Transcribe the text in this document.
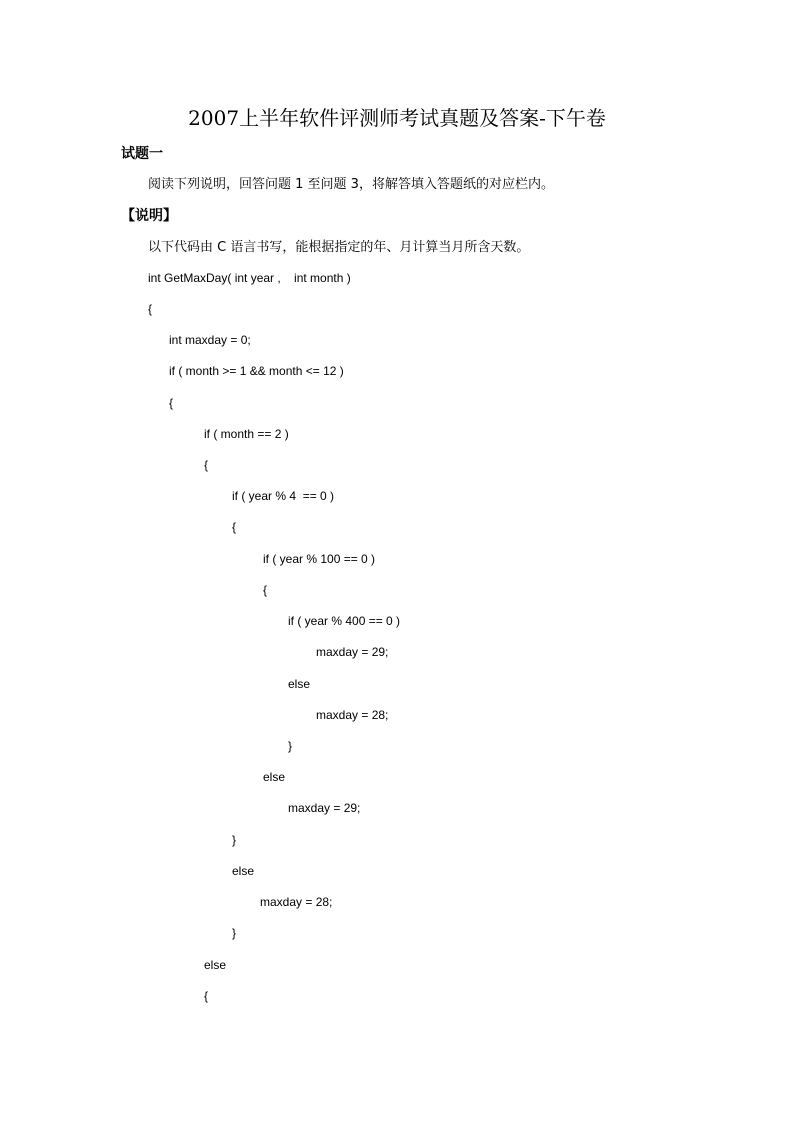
2007上半年软件评测师考试真题及答案-下午卷
试题一
阅读下列说明，回答问题 1 至问题 3，将解答填入答题纸的对应栏内。
【说明】
以下代码由 C 语言书写，能根据指定的年、月计算当月所含天数。
int GetMaxDay( int year ,    int month )
{
int maxday = 0;
if ( month >= 1 && month <= 12 )
{
if ( month == 2 )
{
if ( year % 4  == 0 )
{
if ( year % 100 == 0 )
{
if ( year % 400 == 0 )
maxday = 29;
else
maxday = 28;
}
else
maxday = 29;
}
else
maxday = 28;
}
else
{
